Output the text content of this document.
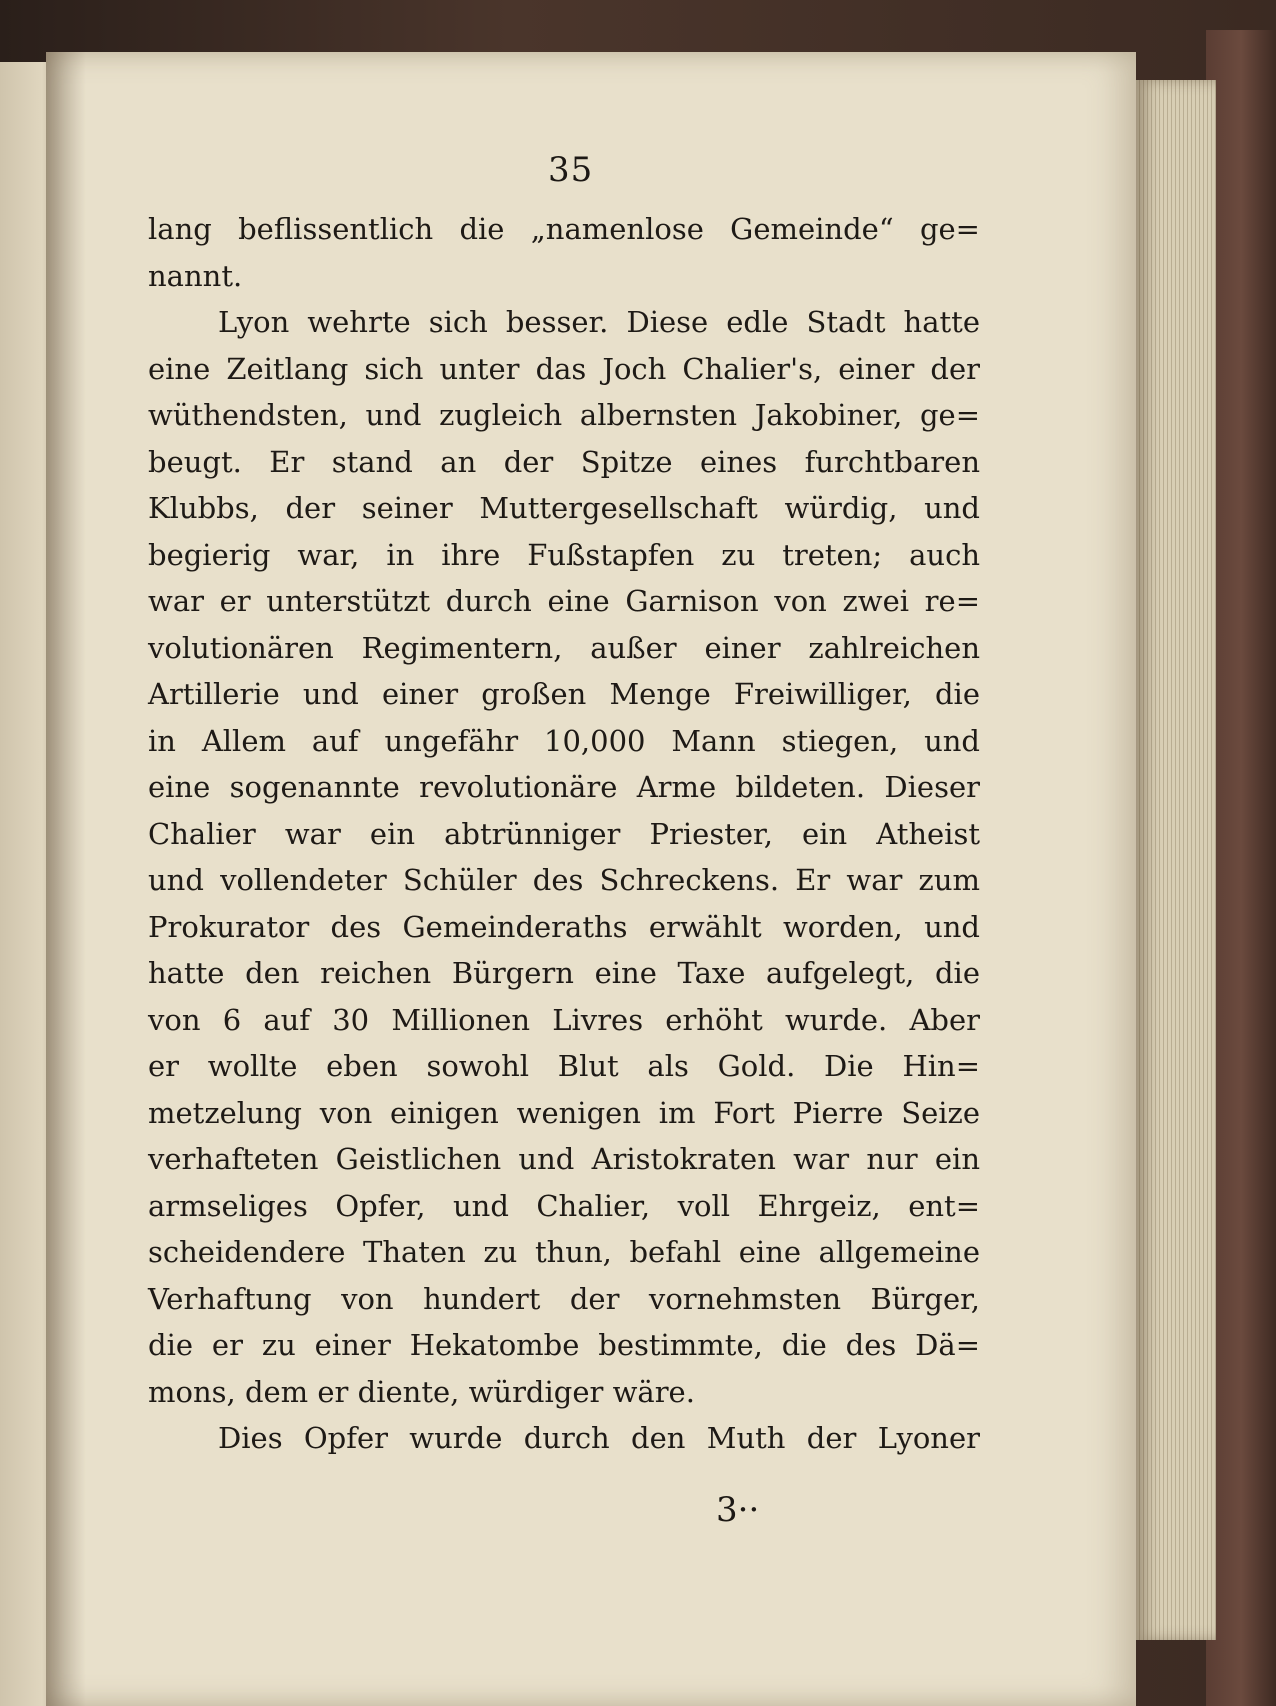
35
lang beflissentlich die „namenlose Gemeinde“ ge=
nannt.
Lyon wehrte sich besser. Diese edle Stadt hatte
eine Zeitlang sich unter das Joch Chalier's, einer der
wüthendsten, und zugleich albernsten Jakobiner, ge=
beugt. Er stand an der Spitze eines furchtbaren
Klubbs, der seiner Muttergesellschaft würdig, und
begierig war, in ihre Fußstapfen zu treten; auch
war er unterstützt durch eine Garnison von zwei re=
volutionären Regimentern, außer einer zahlreichen
Artillerie und einer großen Menge Freiwilliger, die
in Allem auf ungefähr 10,000 Mann stiegen, und
eine sogenannte revolutionäre Arme bildeten. Dieser
Chalier war ein abtrünniger Priester, ein Atheist
und vollendeter Schüler des Schreckens. Er war zum
Prokurator des Gemeinderaths erwählt worden, und
hatte den reichen Bürgern eine Taxe aufgelegt, die
von 6 auf 30 Millionen Livres erhöht wurde. Aber
er wollte eben sowohl Blut als Gold. Die Hin=
metzelung von einigen wenigen im Fort Pierre Seize
verhafteten Geistlichen und Aristokraten war nur ein
armseliges Opfer, und Chalier, voll Ehrgeiz, ent=
scheidendere Thaten zu thun, befahl eine allgemeine
Verhaftung von hundert der vornehmsten Bürger,
die er zu einer Hekatombe bestimmte, die des Dä=
mons, dem er diente, würdiger wäre.
Dies Opfer wurde durch den Muth der Lyoner
3··
